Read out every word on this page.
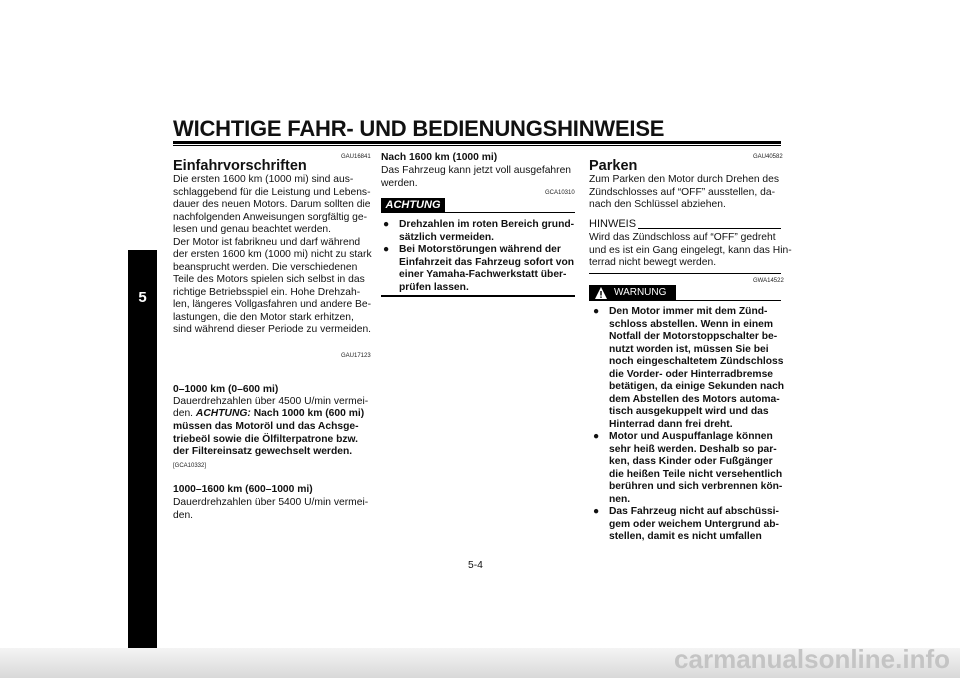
WICHTIGE FAHR- UND BEDIENUNGSHINWEISE
5
GAU16841
Einfahrvorschriften
Die ersten 1600 km (1000 mi) sind aus-
schlaggebend für die Leistung und Lebens-
dauer des neuen Motors. Darum sollten die
nachfolgenden Anweisungen sorgfältig ge-
lesen und genau beachtet werden.
Der Motor ist fabrikneu und darf während
der ersten 1600 km (1000 mi) nicht zu stark
beansprucht werden. Die verschiedenen
Teile des Motors spielen sich selbst in das
richtige Betriebsspiel ein. Hohe Drehzah-
len, längeres Vollgasfahren und andere Be-
lastungen, die den Motor stark erhitzen,
sind während dieser Periode zu vermeiden.
GAU17123
0–1000 km (0–600 mi)
Dauerdrehzahlen über 4500 U/min vermei-
den. ACHTUNG: Nach 1000 km (600 mi)
müssen das Motoröl und das Achsge-
triebeöl sowie die Ölfilterpatrone bzw.
der Filtereinsatz gewechselt werden.
[GCA10332]
1000–1600 km (600–1000 mi)
Dauerdrehzahlen über 5400 U/min vermei-
den.
Nach 1600 km (1000 mi)
Das Fahrzeug kann jetzt voll ausgefahren
werden.
GCA10310
ACHTUNG
● Drehzahlen im roten Bereich grund-
sätzlich vermeiden.
● Bei Motorstörungen während der
Einfahrzeit das Fahrzeug sofort von
einer Yamaha-Fachwerkstatt über-
prüfen lassen.
GAU40582
Parken
Zum Parken den Motor durch Drehen des
Zündschlosses auf “OFF” ausstellen, da-
nach den Schlüssel abziehen.
HINWEIS
Wird das Zündschloss auf “OFF” gedreht
und es ist ein Gang eingelegt, kann das Hin-
terrad nicht bewegt werden.
GWA14522
WARNUNG
● Den Motor immer mit dem Zünd-
schloss abstellen. Wenn in einem
Notfall der Motorstoppschalter be-
nutzt worden ist, müssen Sie bei
noch eingeschaltetem Zündschloss
die Vorder- oder Hinterradbremse
betätigen, da einige Sekunden nach
dem Abstellen des Motors automa-
tisch ausgekuppelt wird und das
Hinterrad dann frei dreht.
● Motor und Auspuffanlage können
sehr heiß werden. Deshalb so par-
ken, dass Kinder oder Fußgänger
die heißen Teile nicht versehentlich
berühren und sich verbrennen kön-
nen.
● Das Fahrzeug nicht auf abschüssi-
gem oder weichem Untergrund ab-
stellen, damit es nicht umfallen
5-4
carmanualsonline.info
